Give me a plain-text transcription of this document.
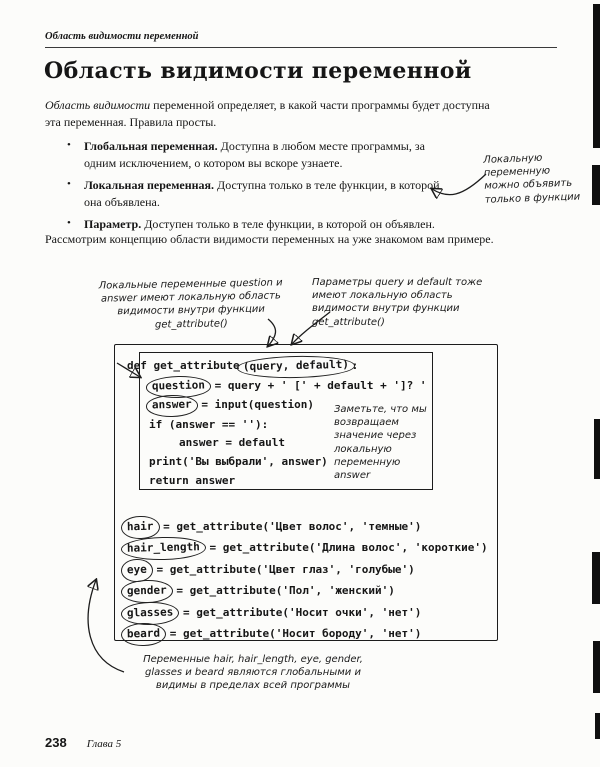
Область видимости переменной
Область видимости переменной

Область видимости переменной определяет, в какой части программы будет доступна эта переменная. Правила просты.

• Глобальная переменная. Доступна в любом месте программы, за одним исключением, о котором вы вскоре узнаете.
• Локальная переменная. Доступна только в теле функции, в которой она объявлена.
• Параметр. Доступен только в теле функции, в которой он объявлен.
Локальную переменную можно объявить только в функции

Рассмотрим концепцию области видимости переменных на уже знакомом вам примере.

Локальные переменные question и answer имеют локальную область видимости внутри функции get_attribute()
Параметры query и default тоже имеют локальную область видимости внутри функции get_attribute()
def get_attribute (query, default) :
question = query + ' [' + default + ']? '
answer = input(question)
if (answer == ''):
answer = default
print('Вы выбрали', answer)
return answer
Заметьте, что мы возвращаем значение через локальную переменную answer
hair = get_attribute('Цвет волос', 'темные')
hair_length = get_attribute('Длина волос', 'короткие')
eye = get_attribute('Цвет глаз', 'голубые')
gender = get_attribute('Пол', 'женский')
glasses = get_attribute('Носит очки', 'нет')
beard = get_attribute('Носит бороду', 'нет')
Переменные hair, hair_length, eye, gender, glasses и beard являются глобальными и видимы в пределах всей программы
238 Глава 5
